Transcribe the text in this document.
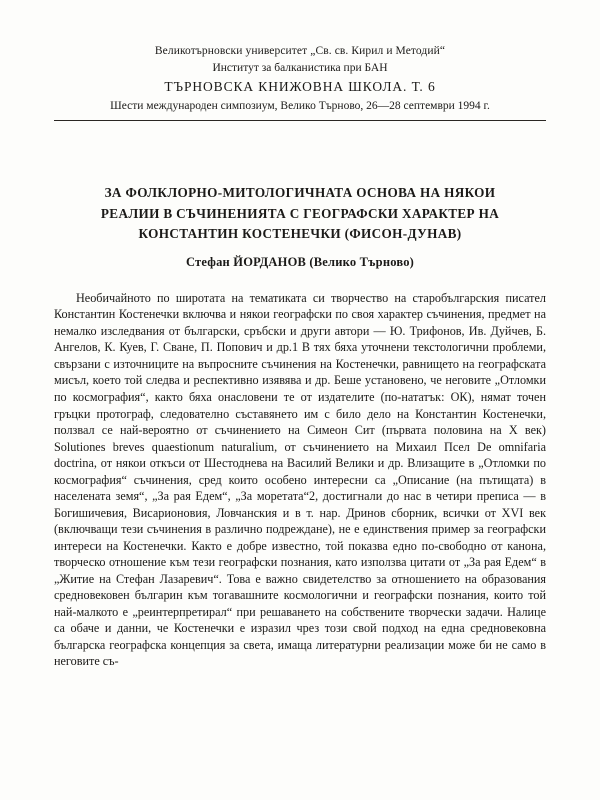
Великотърновски университет „Св. св. Кирил и Методий“
Институт за балканистика при БАН
ТЪРНОВСКА КНИЖОВНА ШКОЛА. Т. 6
Шести международен симпозиум, Велико Търново, 26—28 септември 1994 г.
ЗА ФОЛКЛОРНО-МИТОЛОГИЧНАТА ОСНОВА НА НЯКОИ
РЕАЛИИ В СЪЧИНЕНИЯТА С ГЕОГРАФСКИ ХАРАКТЕР НА
КОНСТАНТИН КОСТЕНЕЧКИ (ФИСОН-ДУНАВ)
Стефан ЙОРДАНОВ (Велико Търново)

Необичайното по широтата на тематиката си творчество на старобългарския писател Константин Костенечки включва и някои географски по своя характер съчинения, предмет на немалко изследвания от български, сръбски и други автори — Ю. Трифонов, Ив. Дуйчев, Б. Ангелов, К. Куев, Г. Сване, П. Попович и др.1 В тях бяха уточнени текстологични проблеми, свързани с източниците на въпросните съчинения на Костенечки, равнището на географската мисъл, което той следва и респективно изявява и др. Беше установено, че неговите „Отломки по космография“, както бяха онасловени те от издателите (по-нататък: ОК), нямат точен гръцки протограф, следователно съставянето им с било дело на Константин Костенечки, ползвал се най-вероятно от съчинението на Симеон Сит (първата половина на X век) Solutiones breves quaestionum naturalium, от съчинението на Михаил Псел De omnifaria doctrina, от някои откъси от Шестоднева на Василий Велики и др. Влизащите в „Отломки по космография“ съчинения, сред които особено интересни са „Описание (на пътищата) в населената земя“, „За рая Едем“, „За моретата“2, достигнали до нас в четири преписа — в Богишичевия, Висарионовия, Ловчанския и в т. нар. Дринов сборник, всички от XVI век (включващи тези съчинения в различно подреждане), не е единствения пример за географски интереси на Костенечки. Както е добре известно, той показва едно по-свободно от канона, творческо отношение към тези географски познания, като използва цитати от „За рая Едем“ в „Житие на Стефан Лазаревич“. Това е важно свидетелство за отношението на образования средновековен българин към тогавашните космологични и географски познания, които той най-малкото е „реинтерпретирал“ при решаването на собствените творчески задачи. Налице са обаче и данни, че Костенечки е изразил чрез този свой подход на една средновековна българска географска концепция за света, имаща литературни реализации може би не само в неговите съ-
